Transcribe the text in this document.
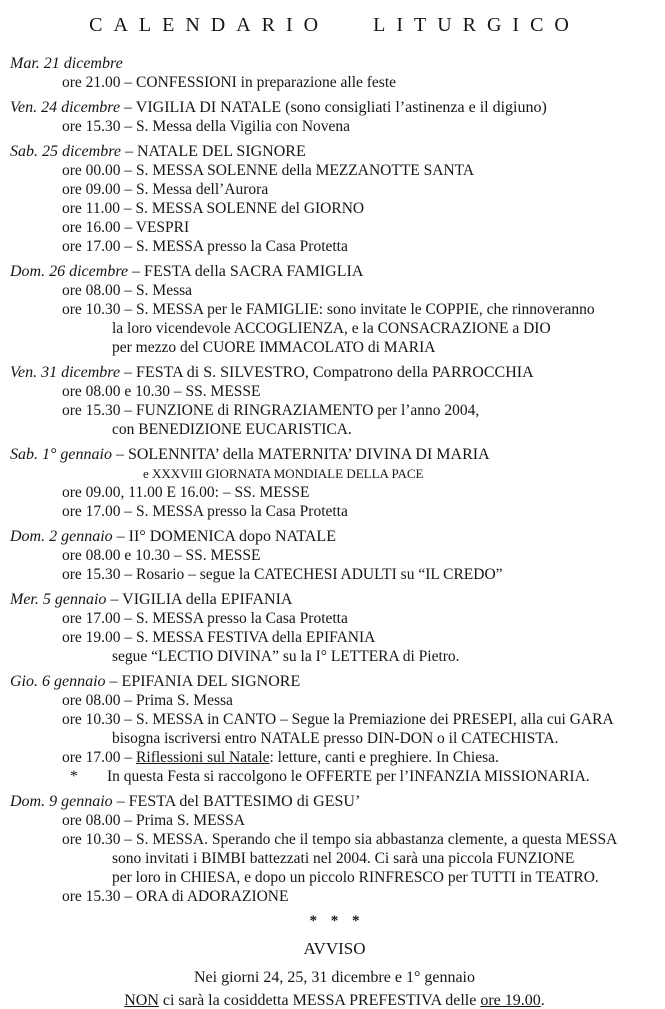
CALENDARIO LITURGICO
Mar. 21 dicembre
ore 21.00 – CONFESSIONI in preparazione alle feste
Ven. 24 dicembre – VIGILIA DI NATALE (sono consigliati l’astinenza e il digiuno)
ore 15.30 – S. Messa della Vigilia con Novena
Sab. 25 dicembre – NATALE DEL SIGNORE
ore 00.00 – S. MESSA SOLENNE della MEZZANOTTE SANTA
ore 09.00 – S. Messa dell’Aurora
ore 11.00 – S. MESSA SOLENNE del GIORNO
ore 16.00 – VESPRI
ore 17.00 – S. MESSA presso la Casa Protetta
Dom. 26 dicembre – FESTA della SACRA FAMIGLIA
ore 08.00 – S. Messa
ore 10.30 – S. MESSA per le FAMIGLIE: sono invitate le COPPIE, che rinnoveranno
la loro vicendevole ACCOGLIENZA, e la CONSACRAZIONE a DIO
per mezzo del CUORE IMMACOLATO di MARIA
Ven. 31 dicembre – FESTA di S. SILVESTRO, Compatrono della PARROCCHIA
ore 08.00 e 10.30 – SS. MESSE
ore 15.30 – FUNZIONE di RINGRAZIAMENTO per l’anno 2004,
con BENEDIZIONE EUCARISTICA.
Sab. 1° gennaio – SOLENNITA’ della MATERNITA’ DIVINA DI MARIA
e XXXVIII GIORNATA MONDIALE DELLA PACE
ore 09.00, 11.00 E 16.00: – SS. MESSE
ore 17.00 – S. MESSA presso la Casa Protetta
Dom. 2 gennaio – II° DOMENICA dopo NATALE
ore 08.00 e 10.30 – SS. MESSE
ore 15.30 – Rosario – segue la CATECHESI ADULTI su “IL CREDO”
Mer. 5 gennaio – VIGILIA della EPIFANIA
ore 17.00 – S. MESSA presso la Casa Protetta
ore 19.00 – S. MESSA FESTIVA della EPIFANIA
segue “LECTIO DIVINA” su la I° LETTERA di Pietro.
Gio. 6 gennaio – EPIFANIA DEL SIGNORE
ore 08.00 – Prima S. Messa
ore 10.30 – S. MESSA in CANTO – Segue la Premiazione dei PRESEPI, alla cui GARA
bisogna iscriversi entro NATALE presso DIN-DON o il CATECHISTA.
ore 17.00 – Riflessioni sul Natale: letture, canti e preghiere. In Chiesa.
* In questa Festa si raccolgono le OFFERTE per l’INFANZIA MISSIONARIA.
Dom. 9 gennaio – FESTA del BATTESIMO di GESU’
ore 08.00 – Prima S. MESSA
ore 10.30 – S. MESSA. Sperando che il tempo sia abbastanza clemente, a questa MESSA
sono invitati i BIMBI battezzati nel 2004. Ci sarà una piccola FUNZIONE
per loro in CHIESA, e dopo un piccolo RINFRESCO per TUTTI in TEATRO.
ore 15.30 – ORA di ADORAZIONE
* * *
AVVISO
Nei giorni 24, 25, 31 dicembre e 1° gennaio
NON ci sarà la cosiddetta MESSA PREFESTIVA delle ore 19.00.
